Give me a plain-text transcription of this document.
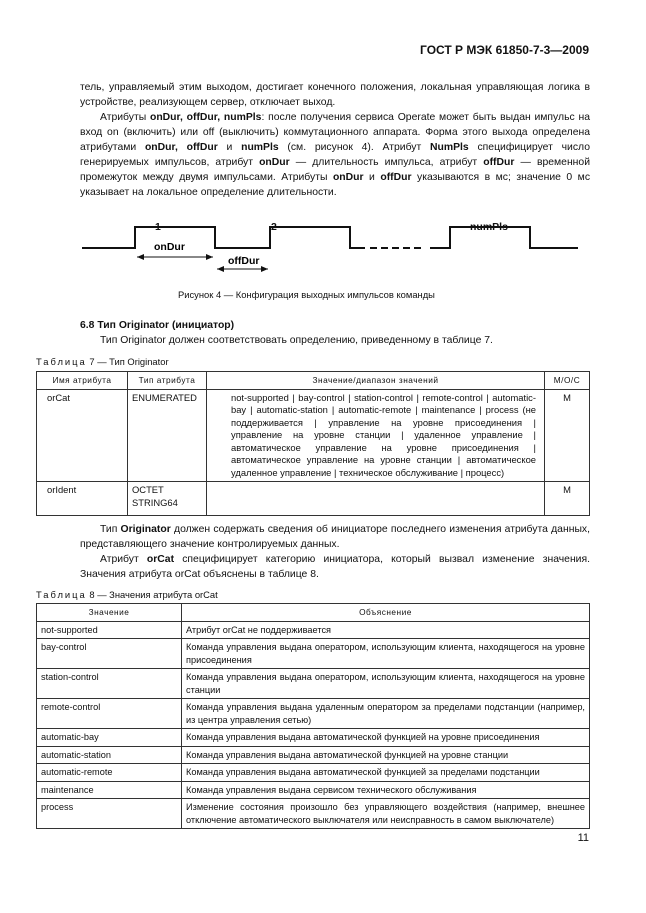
ГОСТ Р МЭК 61850-7-3—2009
тель, управляемый этим выходом, достигает конечного положения, локальная управляющая логика в устройстве, реализующем сервер, отключает выход.
Атрибуты onDur, offDur, numPls: после получения сервиса Operate может быть выдан импульс на вход on (включить) или off (выключить) коммутационного аппарата. Форма этого выхода определена атрибутами onDur, offDur и numPls (см. рисунок 4). Атрибут NumPls специфицирует число генерируемых импульсов, атрибут onDur — длительность импульса, атрибут offDur — временной промежуток между двумя импульсами. Атрибуты onDur и offDur указываются в мс; значение 0 мс указывает на локальное определение длительности.
onDur
offDur
1	2	numPls
Рисунок 4 — Конфигурация выходных импульсов команды
6.8 Тип Originator (инициатор)
Тип Originator должен соответствовать определению, приведенному в таблице 7.
Таблица 7 — Тип Originator
Имя атрибута	Тип атрибута	Значение/диапазон значений	M/O/C
orCat	ENUMERATED	not-supported | bay-control | station-control | remote-control | automatic-bay | automatic-station | automatic-remote | maintenance | process (не поддерживается | управление на уровне присоединения | управление на уровне станции | удаленное управление | автоматическое управление на уровне присоединения | автоматическое управление на уровне станции | автоматическое удаленное управление | техническое обслуживание | процесс)	M
orIdent	OCTET STRING64		M
Тип Originator должен содержать сведения об инициаторе последнего изменения атрибута данных, представляющего значение контролируемых данных.
Атрибут orCat специфицирует категорию инициатора, который вызвал изменение значения. Значения атрибута orCat объяснены в таблице 8.
Таблица 8 — Значения атрибута orCat
Значение	Объяснение
not-supported	Атрибут orCat не поддерживается
bay-control	Команда управления выдана оператором, использующим клиента, находящегося на уровне присоединения
station-control	Команда управления выдана оператором, использующим клиента, находящегося на уровне станции
remote-control	Команда управления выдана удаленным оператором за пределами подстанции (например, из центра управления сетью)
automatic-bay	Команда управления выдана автоматической функцией на уровне присоединения
automatic-station	Команда управления выдана автоматической функцией на уровне станции
automatic-remote	Команда управления выдана автоматической функцией за пределами подстанции
maintenance	Команда управления выдана сервисом технического обслуживания
process	Изменение состояния произошло без управляющего воздействия (например, внешнее отключение автоматического выключателя или неисправность в самом выключателе)
11
